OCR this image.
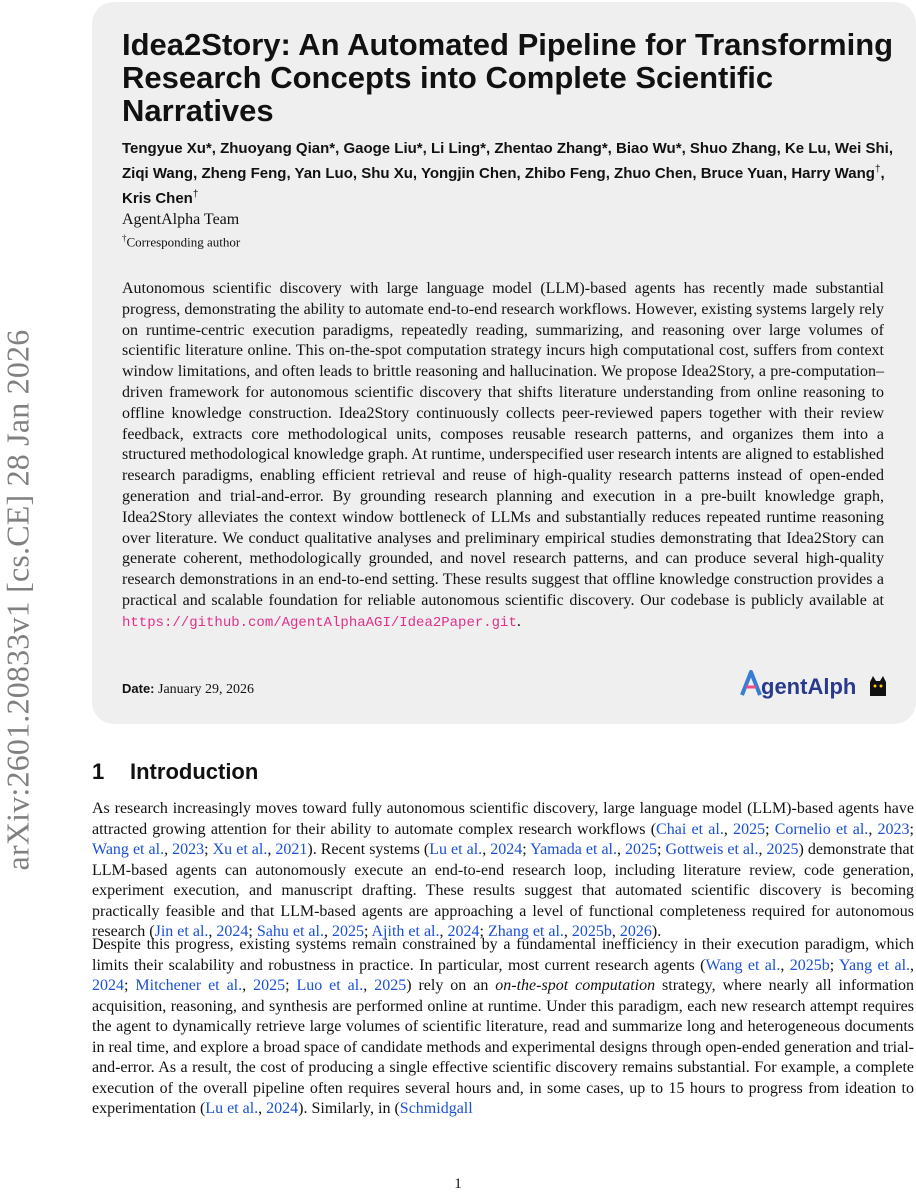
arXiv:2601.20833v1 [cs.CE] 28 Jan 2026
Idea2Story: An Automated Pipeline for Transforming Research Concepts into Complete Scientific Narratives

Tengyue Xu*, Zhuoyang Qian*, Gaoge Liu*, Li Ling*, Zhentao Zhang*, Biao Wu*, Shuo Zhang, Ke Lu, Wei Shi, Ziqi Wang, Zheng Feng, Yan Luo, Shu Xu, Yongjin Chen, Zhibo Feng, Zhuo Chen, Bruce Yuan, Harry Wang†, Kris Chen†

AgentAlpha Team
†Corresponding author

Autonomous scientific discovery with large language model (LLM)-based agents has recently made substantial progress, demonstrating the ability to automate end-to-end research workflows. However, existing systems largely rely on runtime-centric execution paradigms, repeatedly reading, summarizing, and reasoning over large volumes of scientific literature online. This on-the-spot computation strategy incurs high computational cost, suffers from context window limitations, and often leads to brittle reasoning and hallucination. We propose Idea2Story, a pre-computation–driven framework for autonomous scientific discovery that shifts literature understanding from online reasoning to offline knowledge construction. Idea2Story continuously collects peer-reviewed papers together with their review feedback, extracts core methodological units, composes reusable research patterns, and organizes them into a structured methodological knowledge graph. At runtime, underspecified user research intents are aligned to established research paradigms, enabling efficient retrieval and reuse of high-quality research patterns instead of open-ended generation and trial-and-error. By grounding research planning and execution in a pre-built knowledge graph, Idea2Story alleviates the context window bottleneck of LLMs and substantially reduces repeated runtime reasoning over literature. We conduct qualitative analyses and preliminary empirical studies demonstrating that Idea2Story can generate coherent, methodologically grounded, and novel research patterns, and can produce several high-quality research demonstrations in an end-to-end setting. These results suggest that offline knowledge construction provides a practical and scalable foundation for reliable autonomous scientific discovery. Our codebase is publicly available at https://github.com/AgentAlphaAGI/Idea2Paper.git.

Date: January 29, 2026	gentAlph
1 Introduction

As research increasingly moves toward fully autonomous scientific discovery, large language model (LLM)-based agents have attracted growing attention for their ability to automate complex research workflows (Chai et al., 2025; Cornelio et al., 2023; Wang et al., 2023; Xu et al., 2021). Recent systems (Lu et al., 2024; Yamada et al., 2025; Gottweis et al., 2025) demonstrate that LLM-based agents can autonomously execute an end-to-end research loop, including literature review, code generation, experiment execution, and manuscript drafting. These results suggest that automated scientific discovery is becoming practically feasible and that LLM-based agents are approaching a level of functional completeness required for autonomous research (Jin et al., 2024; Sahu et al., 2025; Ajith et al., 2024; Zhang et al., 2025b, 2026).

Despite this progress, existing systems remain constrained by a fundamental inefficiency in their execution paradigm, which limits their scalability and robustness in practice. In particular, most current research agents (Wang et al., 2025b; Yang et al., 2024; Mitchener et al., 2025; Luo et al., 2025) rely on an on-the-spot computation strategy, where nearly all information acquisition, reasoning, and synthesis are performed online at runtime. Under this paradigm, each new research attempt requires the agent to dynamically retrieve large volumes of scientific literature, read and summarize long and heterogeneous documents in real time, and explore a broad space of candidate methods and experimental designs through open-ended generation and trial-and-error. As a result, the cost of producing a single effective scientific discovery remains substantial. For example, a complete execution of the overall pipeline often requires several hours and, in some cases, up to 15 hours to progress from ideation to experimentation (Lu et al., 2024). Similarly, in (Schmidgall

1
